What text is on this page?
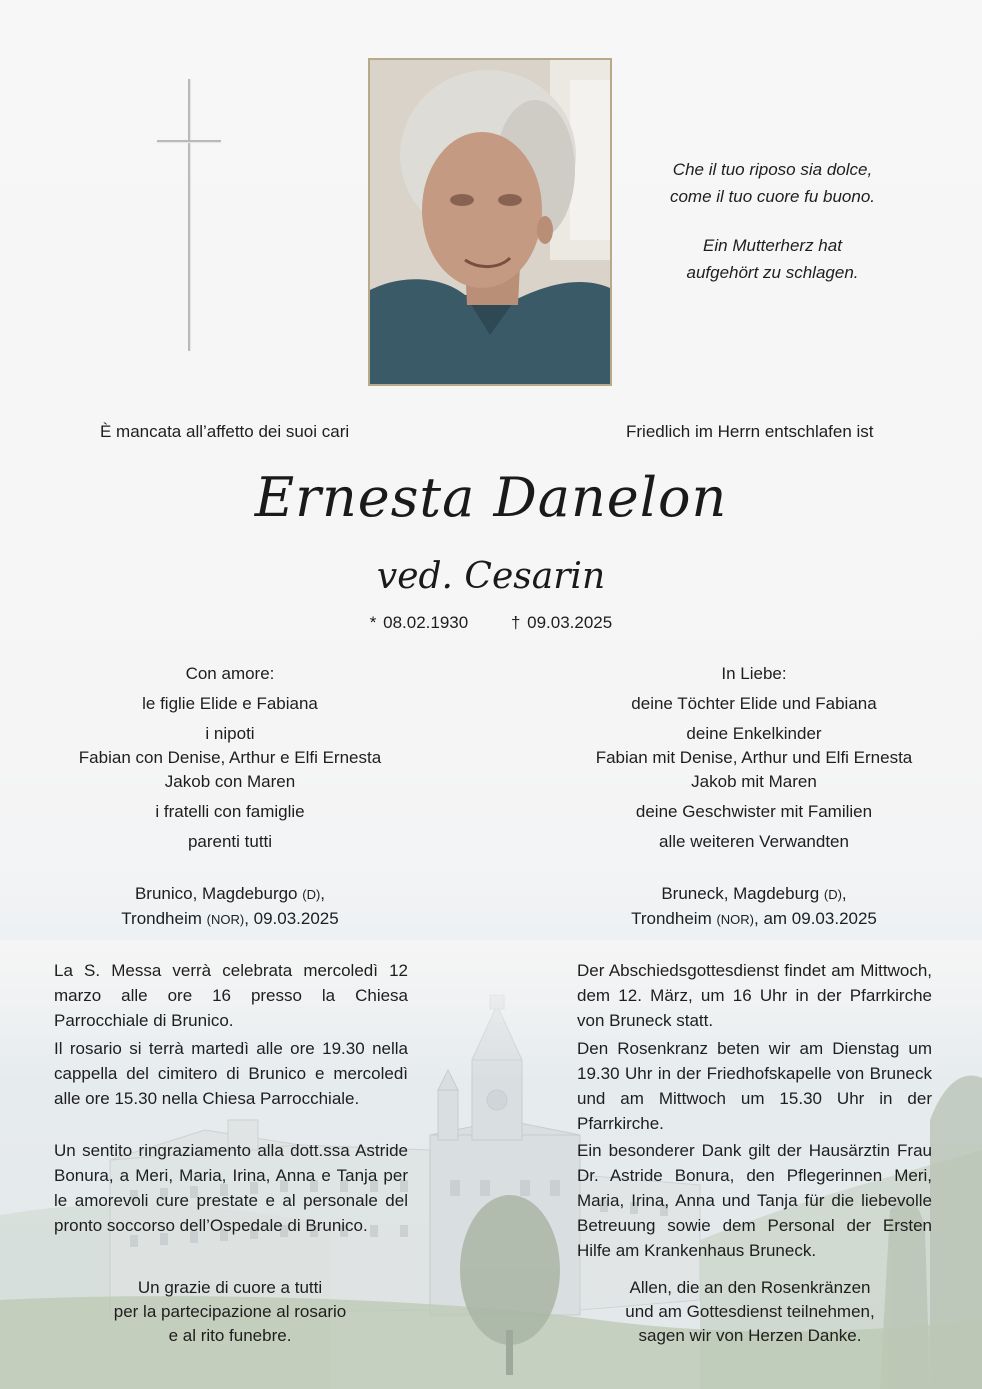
Che il tuo riposo sia dolce,
come il tuo cuore fu buono.
Ein Mutterherz hat
aufgehört zu schlagen.
È mancata all’affetto dei suoi cari	Friedlich im Herrn entschlafen ist
Ernesta Danelon
ved. Cesarin
* 08.02.1930	† 09.03.2025
Con amore:
le figlie Elide e Fabiana
i nipoti
Fabian con Denise, Arthur e Elfi Ernesta
Jakob con Maren
i fratelli con famiglie
parenti tutti
Brunico, Magdeburgo (D),
Trondheim (NOR), 09.03.2025
In Liebe:
deine Töchter Elide und Fabiana
deine Enkelkinder
Fabian mit Denise, Arthur und Elfi Ernesta
Jakob mit Maren
deine Geschwister mit Familien
alle weiteren Verwandten
Bruneck, Magdeburg (D),
Trondheim (NOR), am 09.03.2025
La S. Messa verrà celebrata mercoledì 12 marzo alle ore 16 presso la Chiesa Parrocchiale di Brunico.
Il rosario si terrà martedì alle ore 19.30 nella cappella del cimitero di Brunico e mercoledì alle ore 15.30 nella Chiesa Parrocchiale.
Un sentito ringraziamento alla dott.ssa Astride Bonura, a Meri, Maria, Irina, Anna e Tanja per le amorevoli cure prestate e al personale del pronto soccorso dell’Ospedale di Brunico.
Der Abschiedsgottesdienst findet am Mittwoch, dem 12. März, um 16 Uhr in der Pfarrkirche von Bruneck statt.
Den Rosenkranz beten wir am Dienstag um 19.30 Uhr in der Friedhofskapelle von Bruneck und am Mittwoch um 15.30 Uhr in der Pfarrkirche.
Ein besonderer Dank gilt der Hausärztin Frau Dr. Astride Bonura, den Pflegerinnen Meri, Maria, Irina, Anna und Tanja für die liebevolle Betreuung sowie dem Personal der Ersten Hilfe am Krankenhaus Bruneck.
Un grazie di cuore a tutti
per la partecipazione al rosario
e al rito funebre.
Allen, die an den Rosenkränzen
und am Gottesdienst teilnehmen,
sagen wir von Herzen Danke.
